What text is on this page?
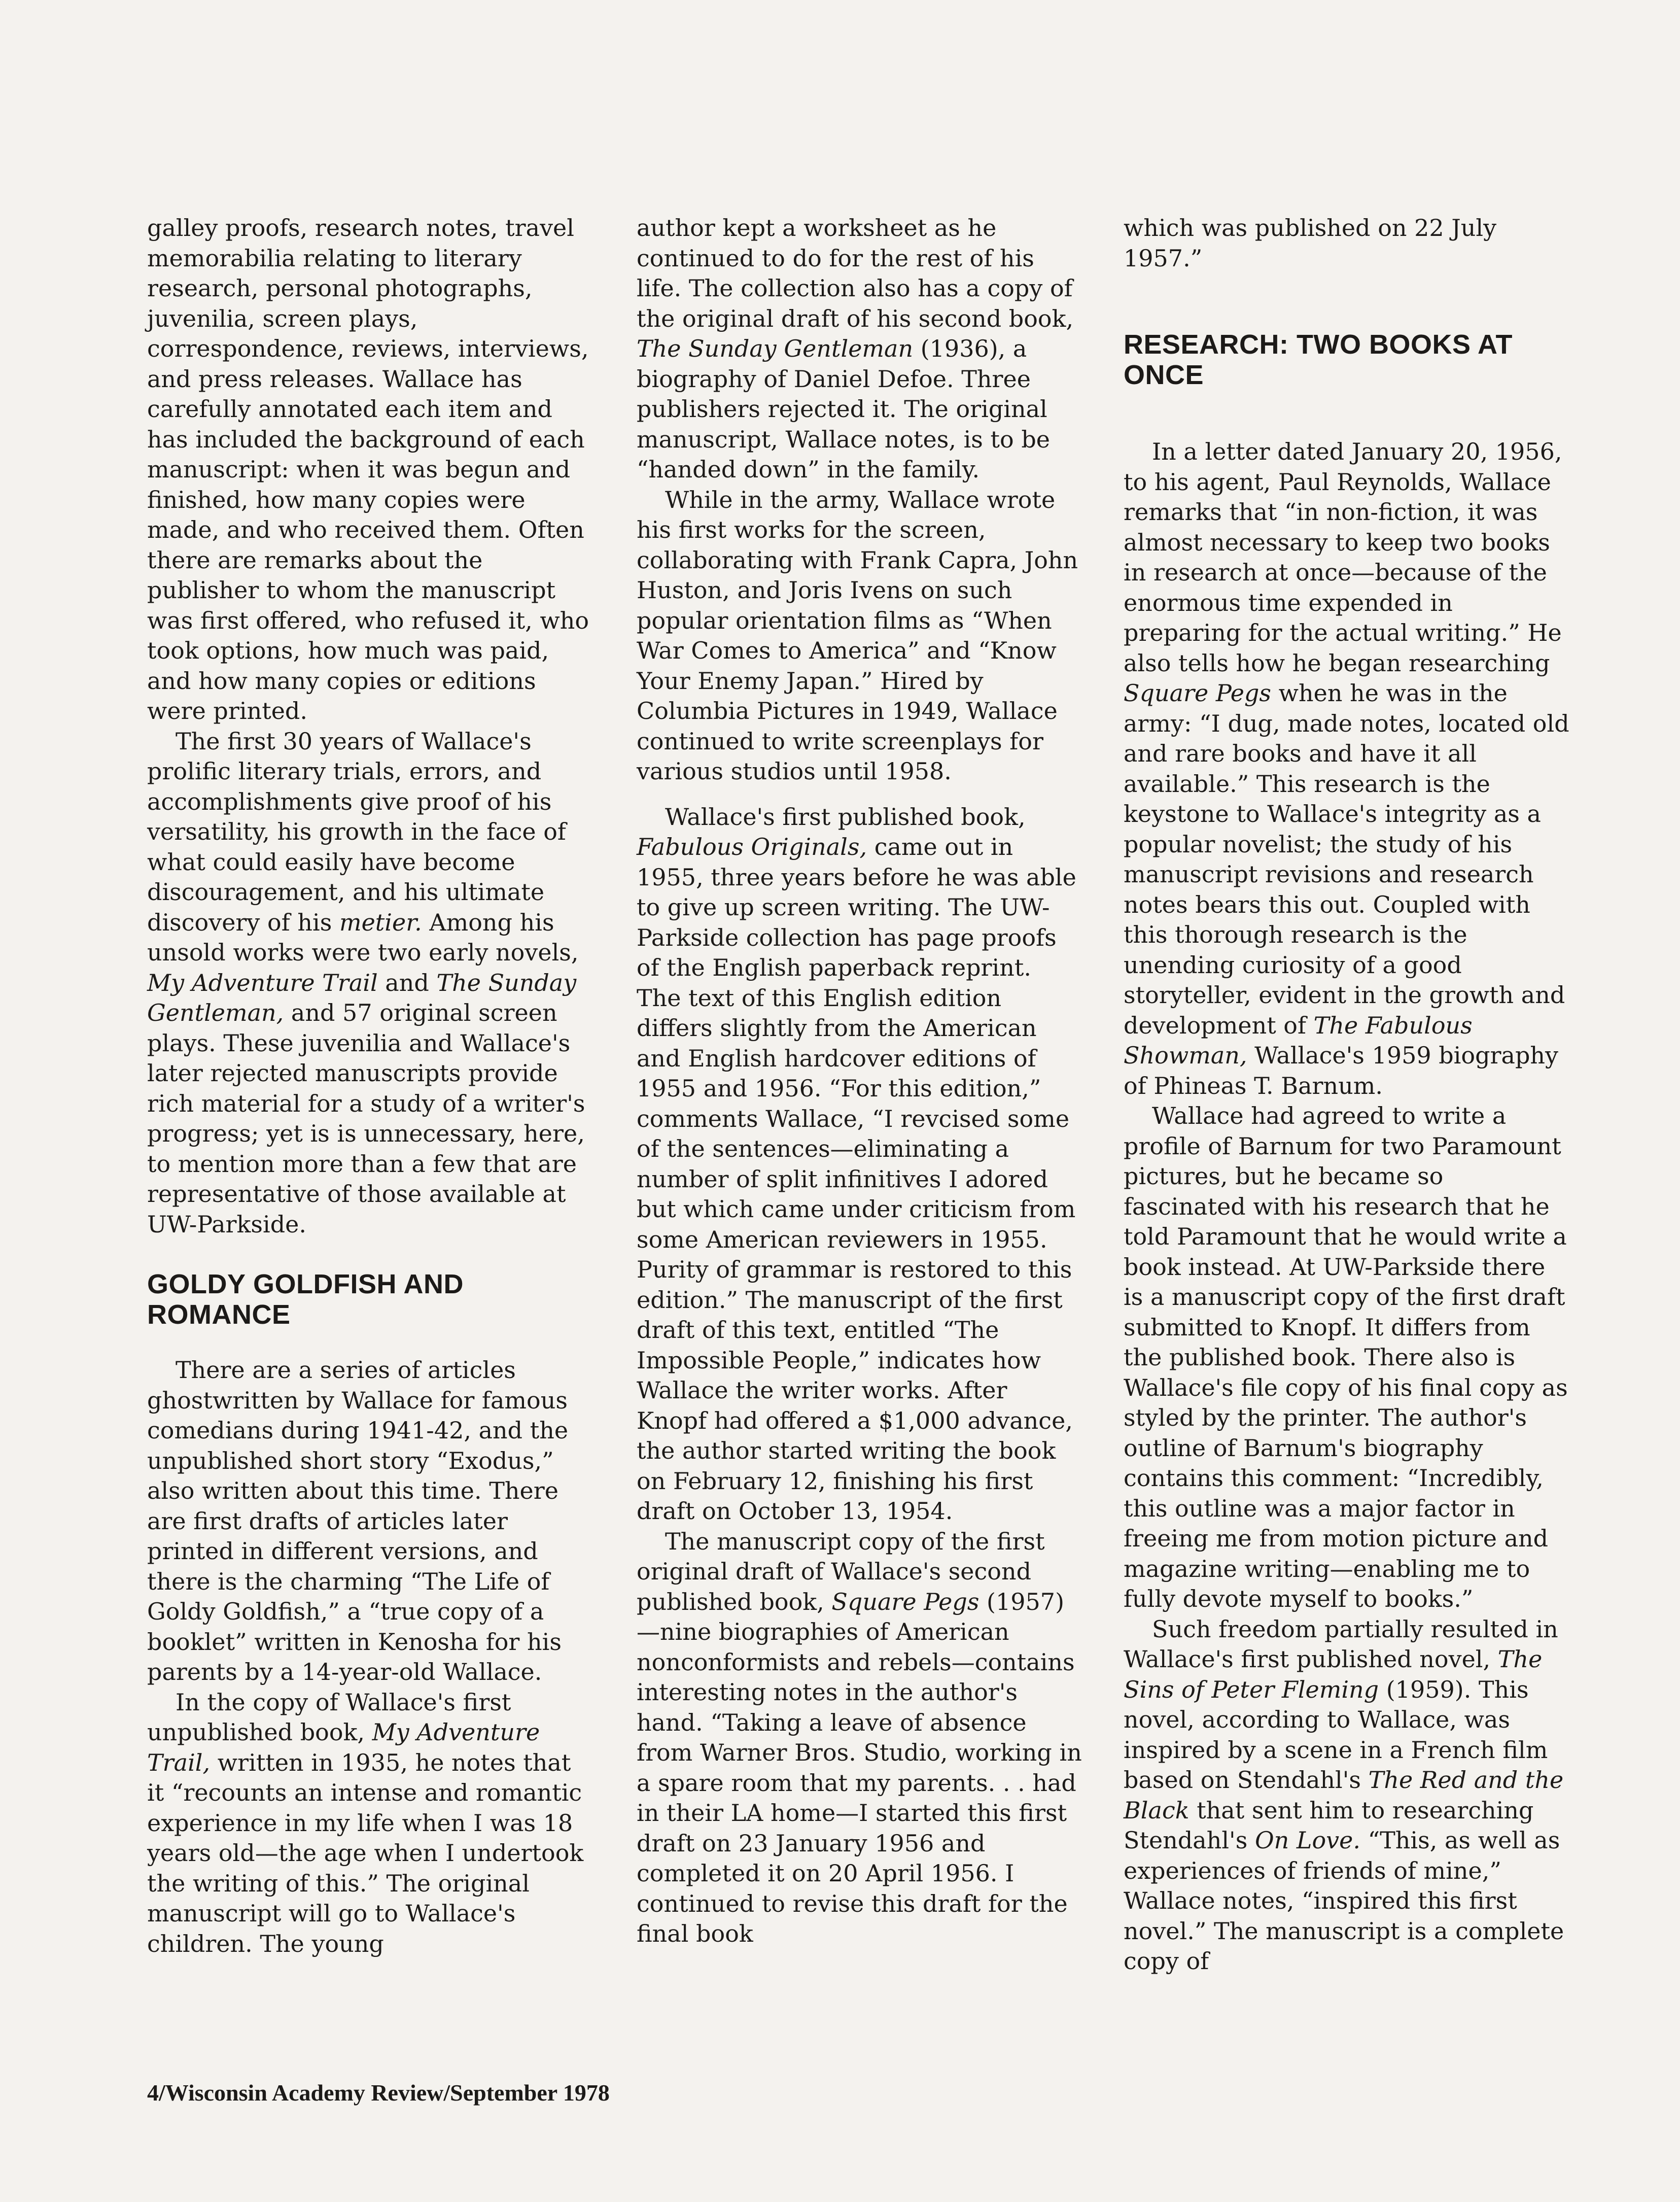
galley proofs, research notes, travel memorabilia relating to literary research, personal photographs, juvenilia, screen plays, correspondence, reviews, interviews, and press releases. Wallace has carefully annotated each item and has included the background of each manuscript: when it was begun and finished, how many copies were made, and who received them. Often there are remarks about the publisher to whom the manuscript was first offered, who refused it, who took options, how much was paid, and how many copies or editions were printed.

The first 30 years of Wallace's prolific literary trials, errors, and accomplishments give proof of his versatility, his growth in the face of what could easily have become discouragement, and his ultimate discovery of his metier. Among his unsold works were two early novels, My Adventure Trail and The Sunday Gentleman, and 57 original screen plays. These juvenilia and Wallace's later rejected manuscripts provide rich material for a study of a writer's progress; yet is is unnecessary, here, to mention more than a few that are representative of those available at UW-Parkside.

GOLDY GOLDFISH AND ROMANCE

There are a series of articles ghostwritten by Wallace for famous comedians during 1941-42, and the unpublished short story “Exodus,” also written about this time. There are first drafts of articles later printed in different versions, and there is the charming “The Life of Goldy Goldfish,” a “true copy of a booklet” written in Kenosha for his parents by a 14-year-old Wallace.

In the copy of Wallace's first unpublished book, My Adventure Trail, written in 1935, he notes that it “recounts an intense and romantic experience in my life when I was 18 years old—the age when I undertook the writing of this.” The original manuscript will go to Wallace's children. The young

author kept a worksheet as he continued to do for the rest of his life. The collection also has a copy of the original draft of his second book, The Sunday Gentleman (1936), a biography of Daniel Defoe. Three publishers rejected it. The original manuscript, Wallace notes, is to be “handed down” in the family.

While in the army, Wallace wrote his first works for the screen, collaborating with Frank Capra, John Huston, and Joris Ivens on such popular orientation films as “When War Comes to America” and “Know Your Enemy Japan.” Hired by Columbia Pictures in 1949, Wallace continued to write screenplays for various studios until 1958.

Wallace's first published book, Fabulous Originals, came out in 1955, three years before he was able to give up screen writing. The UW-Parkside collection has page proofs of the English paperback reprint. The text of this English edition differs slightly from the American and English hardcover editions of 1955 and 1956. “For this edition,” comments Wallace, “I revcised some of the sentences—eliminating a number of split infinitives I adored but which came under criticism from some American reviewers in 1955. Purity of grammar is restored to this edition.” The manuscript of the first draft of this text, entitled “The Impossible People,” indicates how Wallace the writer works. After Knopf had offered a $1,000 advance, the author started writing the book on February 12, finishing his first draft on October 13, 1954.

The manuscript copy of the first original draft of Wallace's second published book, Square Pegs (1957)—nine biographies of American nonconformists and rebels—contains interesting notes in the author's hand. “Taking a leave of absence from Warner Bros. Studio, working in a spare room that my parents. . . had in their LA home—I started this first draft on 23 January 1956 and completed it on 20 April 1956. I continued to revise this draft for the final book

which was published on 22 July 1957.”

RESEARCH: TWO BOOKS AT ONCE

In a letter dated January 20, 1956, to his agent, Paul Reynolds, Wallace remarks that “in non-fiction, it was almost necessary to keep two books in research at once—because of the enormous time expended in preparing for the actual writing.” He also tells how he began researching Square Pegs when he was in the army: “I dug, made notes, located old and rare books and have it all available.” This research is the keystone to Wallace's integrity as a popular novelist; the study of his manuscript revisions and research notes bears this out. Coupled with this thorough research is the unending curiosity of a good storyteller, evident in the growth and development of The Fabulous Showman, Wallace's 1959 biography of Phineas T. Barnum.

Wallace had agreed to write a profile of Barnum for two Paramount pictures, but he became so fascinated with his research that he told Paramount that he would write a book instead. At UW-Parkside there is a manuscript copy of the first draft submitted to Knopf. It differs from the published book. There also is Wallace's file copy of his final copy as styled by the printer. The author's outline of Barnum's biography contains this comment: “Incredibly, this outline was a major factor in freeing me from motion picture and magazine writing—enabling me to fully devote myself to books.”

Such freedom partially resulted in Wallace's first published novel, The Sins of Peter Fleming (1959). This novel, according to Wallace, was inspired by a scene in a French film based on Stendahl's The Red and the Black that sent him to researching Stendahl's On Love. “This, as well as experiences of friends of mine,” Wallace notes, “inspired this first novel.” The manuscript is a complete copy of

4/Wisconsin Academy Review/September 1978
